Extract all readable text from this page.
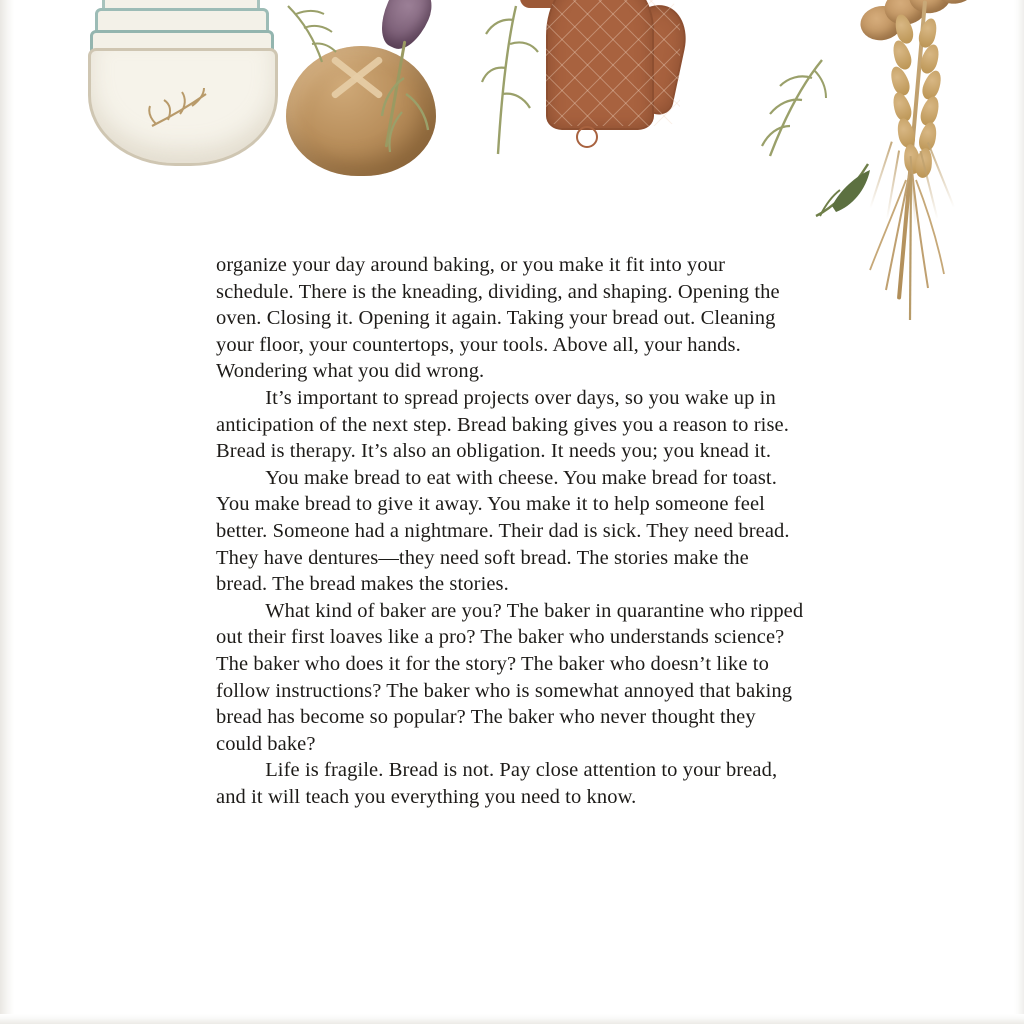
organize your day around baking, or you make it fit into your schedule. There is the kneading, dividing, and shaping. Opening the oven. Closing it. Opening it again. Taking your bread out. Cleaning your floor, your countertops, your tools. Above all, your hands. Wondering what you did wrong.

It’s important to spread projects over days, so you wake up in anticipation of the next step. Bread baking gives you a reason to rise. Bread is therapy. It’s also an obligation. It needs you; you knead it.

You make bread to eat with cheese. You make bread for toast. You make bread to give it away. You make it to help someone feel better. Someone had a nightmare. Their dad is sick. They need bread. They have dentures—they need soft bread. The stories make the bread. The bread makes the stories.

What kind of baker are you? The baker in quarantine who ripped out their first loaves like a pro? The baker who understands science? The baker who does it for the story? The baker who doesn’t like to follow instructions? The baker who is somewhat annoyed that baking bread has become so popular? The baker who never thought they could bake?

Life is fragile. Bread is not. Pay close attention to your bread, and it will teach you everything you need to know.
